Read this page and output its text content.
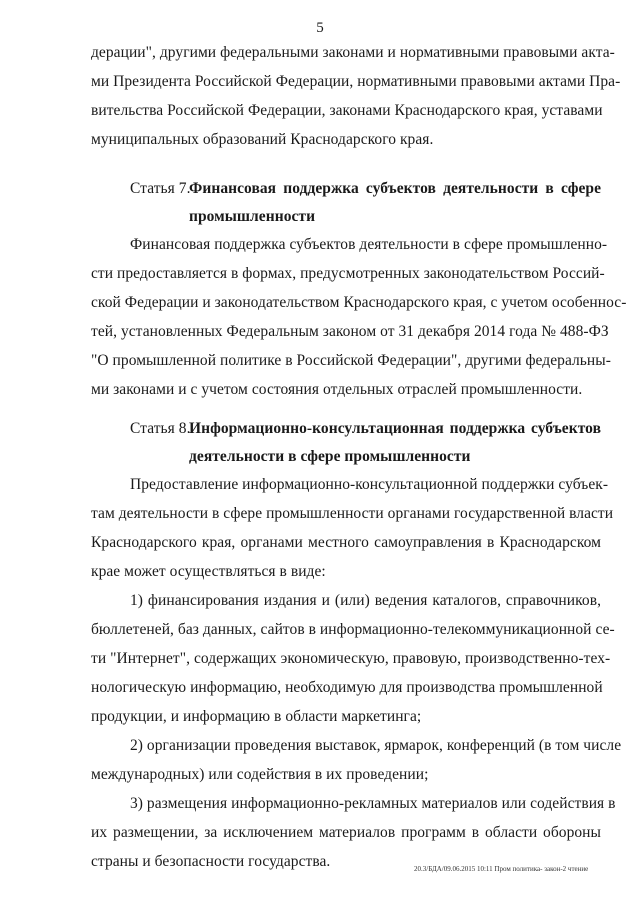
5
дерации", другими федеральными законами и нормативными правовыми акта-
ми Президента Российской Федерации, нормативными правовыми актами Пра-
вительства Российской Федерации, законами Краснодарского края, уставами
муниципальных образований Краснодарского края.
Статья 7.
Финансовая поддержка субъектов деятельности в сфере
промышленности
Финансовая поддержка субъектов деятельности в сфере промышленно-
сти предоставляется в формах, предусмотренных законодательством Россий-
ской Федерации и законодательством Краснодарского края, с учетом особеннос-
тей, установленных Федеральным законом от 31 декабря 2014 года № 488-ФЗ
"О промышленной политике в Российской Федерации", другими федеральны-
ми законами и с учетом состояния отдельных отраслей промышленности.
Статья 8.
Информационно-консультационная поддержка субъектов
деятельности в сфере промышленности
Предоставление информационно-консультационной поддержки субъек-
там деятельности в сфере промышленности органами государственной власти
Краснодарского края, органами местного самоуправления в Краснодарском
крае может осуществляться в виде:
1) финансирования издания и (или) ведения каталогов, справочников,
бюллетеней, баз данных, сайтов в информационно-телекоммуникационной се-
ти "Интернет", содержащих экономическую, правовую, производственно-тех-
нологическую информацию, необходимую для производства промышленной
продукции, и информацию в области маркетинга;
2) организации проведения выставок, ярмарок, конференций (в том числе
международных) или содействия в их проведении;
3) размещения информационно-рекламных материалов или содействия в
их размещении, за исключением материалов программ в области обороны
страны и безопасности государства.	20.3/БДА/09.06.2015 10:11 Пром политика- закон-2 чтение
